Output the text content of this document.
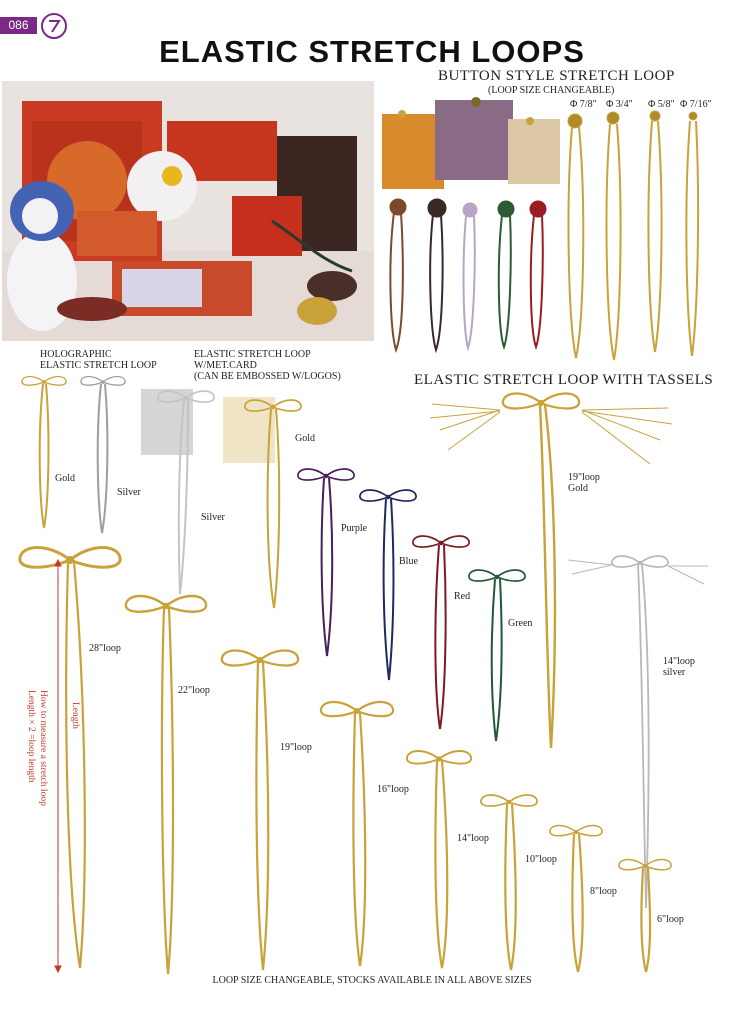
086
ELASTIC STRETCH LOOPS
BUTTON STYLE STRETCH LOOP
(LOOP SIZE CHANGEABLE)
Φ 7/8" Φ 3/4" Φ 5/8" Φ 7/16"
HOLOGRAPHIC
ELASTIC STRETCH LOOP
ELASTIC STRETCH LOOP
W/MET.CARD
(CAN BE EMBOSSED W/LOGOS)	ELASTIC STRETCH LOOP WITH TASSELS
Gold
Silver
Silver
Gold
Purple
Blue
Red
Green
19"loop
Gold
14"loop
silver
28"loop
22"loop
19"loop
16"loop
14"loop
10"loop
8"loop
6"loop
Length
How to measure a stretch loop
Length × 2 =loop length
LOOP SIZE CHANGEABLE, STOCKS AVAILABLE IN ALL ABOVE SIZES
